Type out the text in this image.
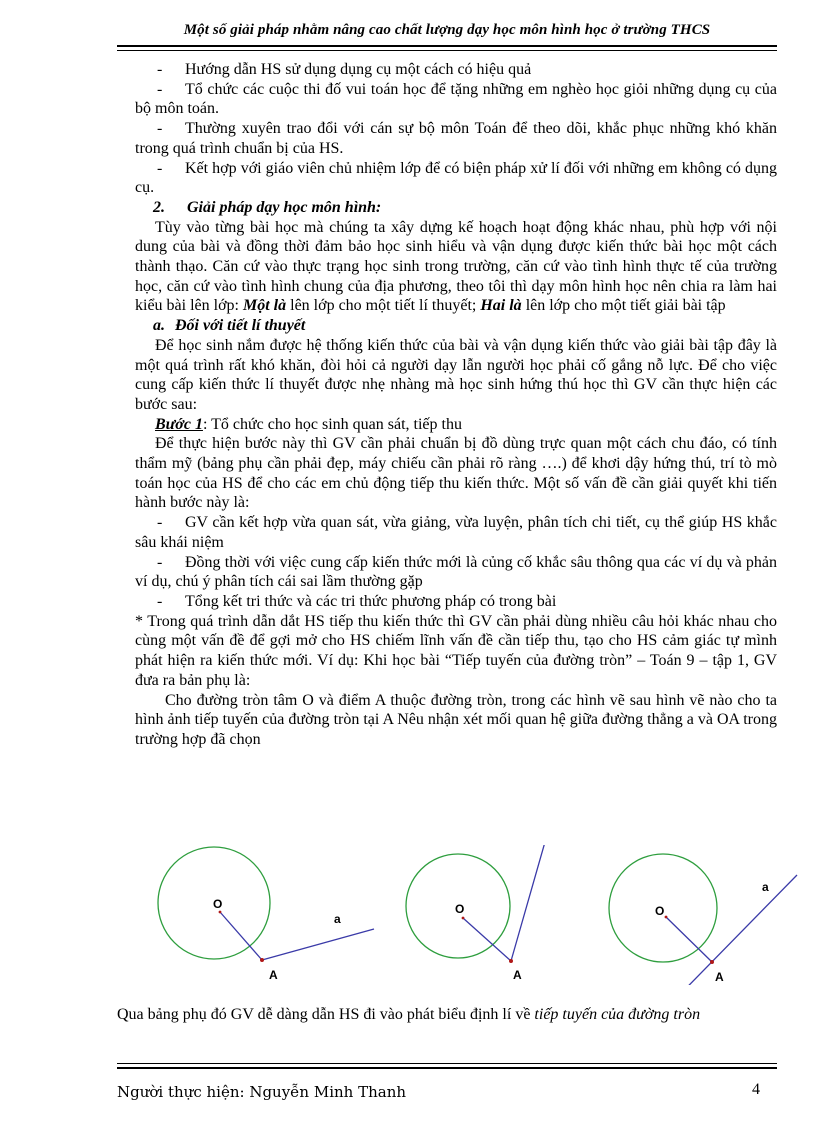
Một số giải pháp nhằm nâng cao chất lượng dạy học môn hình học ở trường THCS

- Hướng dẫn HS sử dụng dụng cụ một cách có hiệu quả

- Tổ chức các cuộc thi đố vui toán học để tặng những em nghèo học giỏi những dụng cụ của bộ môn toán.

- Thường xuyên trao đổi với cán sự bộ môn Toán để theo dõi, khắc phục những khó khăn trong quá trình chuẩn bị của HS.

- Kết hợp với giáo viên chủ nhiệm lớp để có biện pháp xử lí đối với những em không có dụng cụ.

2. Giải pháp dạy học môn hình:

Tùy vào từng bài học mà chúng ta xây dựng kế hoạch hoạt động khác nhau, phù hợp với nội dung của bài và đồng thời đảm bảo học sinh hiểu và vận dụng được kiến thức bài học một cách thành thạo. Căn cứ vào thực trạng học sinh trong trường, căn cứ vào tình hình thực tế của trường học, căn cứ vào tình hình chung của địa phương, theo tôi thì dạy môn hình học nên chia ra làm hai kiểu bài lên lớp: Một là lên lớp cho một tiết lí thuyết; Hai là lên lớp cho một tiết giải bài tập

a. Đối với tiết lí thuyết

Để học sinh nắm được hệ thống kiến thức của bài và vận dụng kiến thức vào giải bài tập đây là một quá trình rất khó khăn, đòi hỏi cả người dạy lẫn người học phải cố gắng nỗ lực. Để cho việc cung cấp kiến thức lí thuyết được nhẹ nhàng mà học sinh hứng thú học thì GV cần thực hiện các bước sau:

Bước 1: Tổ chức cho học sinh quan sát, tiếp thu

Để thực hiện bước này thì GV cần phải chuẩn bị đồ dùng trực quan một cách chu đáo, có tính thẩm mỹ (bảng phụ cần phải đẹp, máy chiếu cần phải rõ ràng ….) để khơi dậy hứng thú, trí tò mò toán học của HS để cho các em chủ động tiếp thu kiến thức. Một số vấn đề cần giải quyết khi tiến hành bước này là:

- GV cần kết hợp vừa quan sát, vừa giảng, vừa luyện, phân tích chi tiết, cụ thể giúp HS khắc sâu khái niệm

- Đồng thời với việc cung cấp kiến thức mới là củng cố khắc sâu thông qua các ví dụ và phản ví dụ, chú ý phân tích cái sai lầm thường gặp

- Tổng kết tri thức và các tri thức phương pháp có trong bài

* Trong quá trình dẫn dắt HS tiếp thu kiến thức thì GV cần phải dùng nhiều câu hỏi khác nhau cho cùng một vấn đề để gợi mở cho HS chiếm lĩnh vấn đề cần tiếp thu, tạo cho HS cảm giác tự mình phát hiện ra kiến thức mới. Ví dụ: Khi học bài “Tiếp tuyến của đường tròn” – Toán 9 – tập 1, GV đưa ra bản phụ là:

Cho đường tròn tâm O và điểm A thuộc đường tròn, trong các hình vẽ sau hình vẽ nào cho ta hình ảnh tiếp tuyến của đường tròn tại A Nêu nhận xét mối quan hệ giữa đường thẳng a và OA trong trường hợp đã chọn

O
A
a
O
A
O
A
a
Qua bảng phụ đó GV dễ dàng dẫn HS đi vào phát biểu định lí về tiếp tuyến của đường tròn
Người thực hiện: Nguyễn Minh Thanh	4
